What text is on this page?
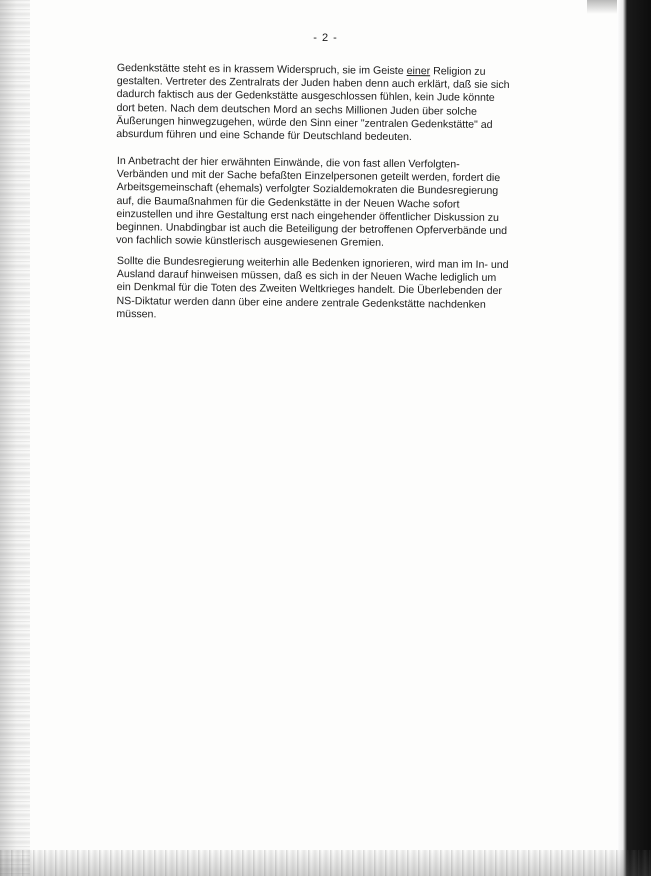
- 2 -

Gedenkstätte steht es in krassem Widerspruch, sie im Geiste einer Religion zu
gestalten. Vertreter des Zentralrats der Juden haben denn auch erklärt, daß sie sich
dadurch faktisch aus der Gedenkstätte ausgeschlossen fühlen, kein Jude könnte
dort beten. Nach dem deutschen Mord an sechs Millionen Juden über solche
Äußerungen hinwegzugehen, würde den Sinn einer "zentralen Gedenkstätte" ad
absurdum führen und eine Schande für Deutschland bedeuten.

In Anbetracht der hier erwähnten Einwände, die von fast allen Verfolgten-
Verbänden und mit der Sache befaßten Einzelpersonen geteilt werden, fordert die
Arbeitsgemeinschaft (ehemals) verfolgter Sozialdemokraten die Bundesregierung
auf, die Baumaßnahmen für die Gedenkstätte in der Neuen Wache sofort
einzustellen und ihre Gestaltung erst nach eingehender öffentlicher Diskussion zu
beginnen. Unabdingbar ist auch die Beteiligung der betroffenen Opferverbände und
von fachlich sowie künstlerisch ausgewiesenen Gremien.

Sollte die Bundesregierung weiterhin alle Bedenken ignorieren, wird man im In- und
Ausland darauf hinweisen müssen, daß es sich in der Neuen Wache lediglich um
ein Denkmal für die Toten des Zweiten Weltkrieges handelt. Die Überlebenden der
NS-Diktatur werden dann über eine andere zentrale Gedenkstätte nachdenken
müssen.
